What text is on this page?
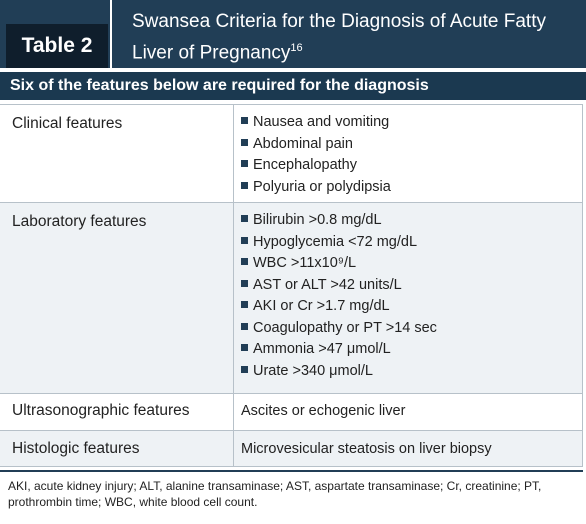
Table 2
Swansea Criteria for the Diagnosis of Acute Fatty Liver of Pregnancy$^{16}$
Six of the features below are required for the diagnosis
Clinical features	Nausea and vomiting
Abdominal pain
Encephalopathy
Polyuria or polydipsia
Laboratory features	Bilirubin >0.8 mg/dL
Hypoglycemia <72 mg/dL
WBC >11x10⁹/L
AST or ALT >42 units/L
AKI or Cr >1.7 mg/dL
Coagulopathy or PT >14 sec
Ammonia >47 μmol/L
Urate >340 μmol/L
Ultrasonographic features	Ascites or echogenic liver
Histologic features	Microvesicular steatosis on liver biopsy
AKI, acute kidney injury; ALT, alanine transaminase; AST, aspartate transaminase; Cr, creatinine; PT, prothrombin time; WBC, white blood cell count.
